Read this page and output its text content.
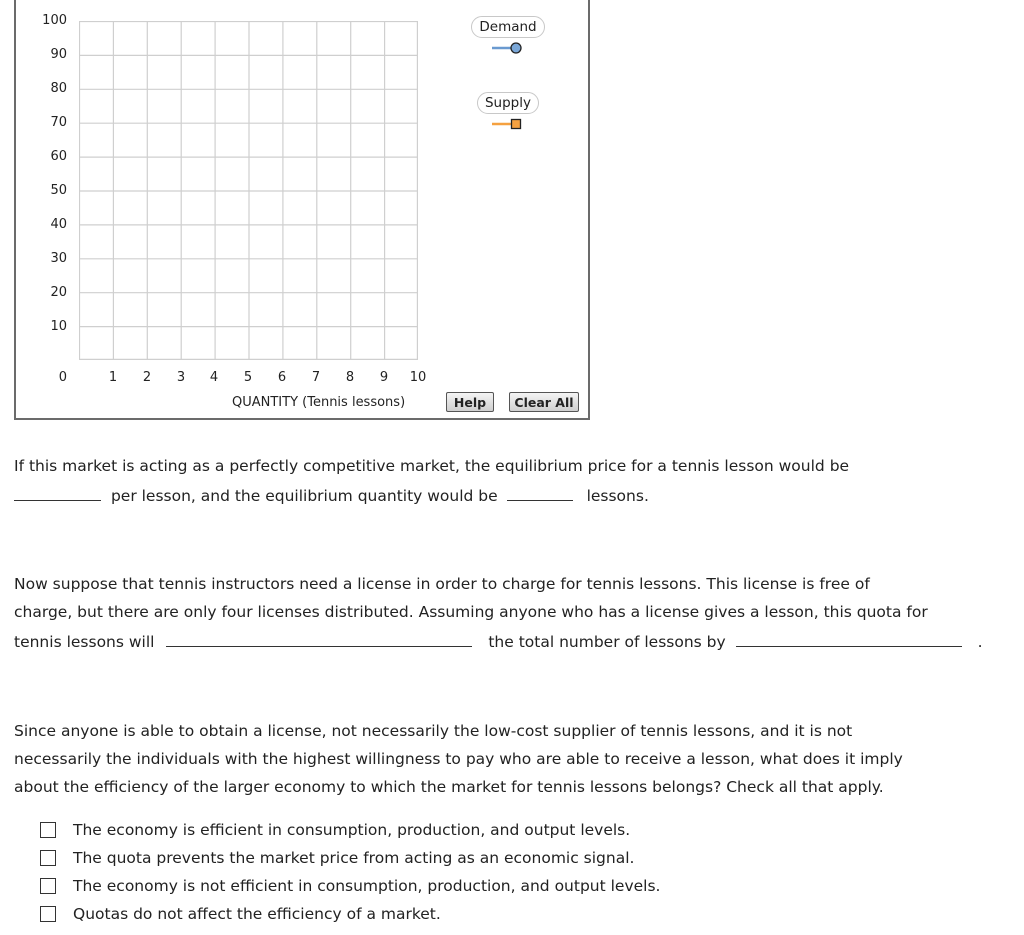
100
90
80
70
60
50
40
30
20
10
0	1	2	3	4	5	6	7	8	9	10
QUANTITY (Tennis lessons)	Help	Clear All
Demand
Supply
If this market is acting as a perfectly competitive market, the equilibrium price for a tennis lesson would be
per lesson, and the equilibrium quantity would be	lessons.
Now suppose that tennis instructors need a license in order to charge for tennis lessons. This license is free of
charge, but there are only four licenses distributed. Assuming anyone who has a license gives a lesson, this quota for
tennis lessons will	the total number of lessons by	.
Since anyone is able to obtain a license, not necessarily the low-cost supplier of tennis lessons, and it is not
necessarily the individuals with the highest willingness to pay who are able to receive a lesson, what does it imply
about the efficiency of the larger economy to which the market for tennis lessons belongs? Check all that apply.
The economy is efficient in consumption, production, and output levels.
The quota prevents the market price from acting as an economic signal.
The economy is not efficient in consumption, production, and output levels.
Quotas do not affect the efficiency of a market.
